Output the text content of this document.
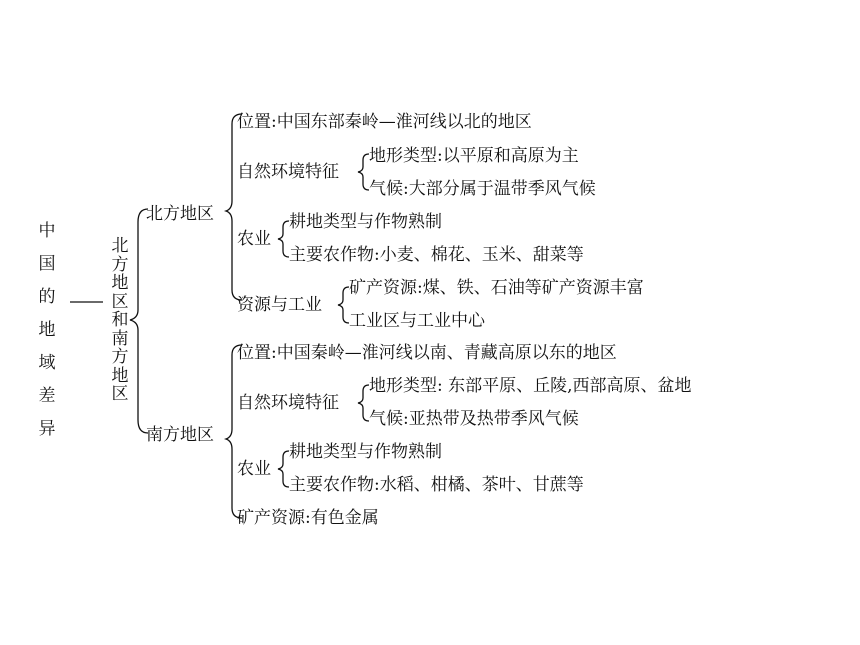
中国的地域差异
北方地区和南方地区
北方地区
位置:中国东部秦岭—淮河线以北的地区
自然环境特征
地形类型:以平原和高原为主
气候:大部分属于温带季风气候
农业
耕地类型与作物熟制
主要农作物:小麦、棉花、玉米、甜菜等
资源与工业
矿产资源:煤、铁、石油等矿产资源丰富
工业区与工业中心
南方地区
位置:中国秦岭—淮河线以南、青藏高原以东的地区
自然环境特征
地形类型: 东部平原、丘陵,西部高原、盆地
气候:亚热带及热带季风气候
农业
耕地类型与作物熟制
主要农作物:水稻、柑橘、茶叶、甘蔗等
矿产资源:有色金属
